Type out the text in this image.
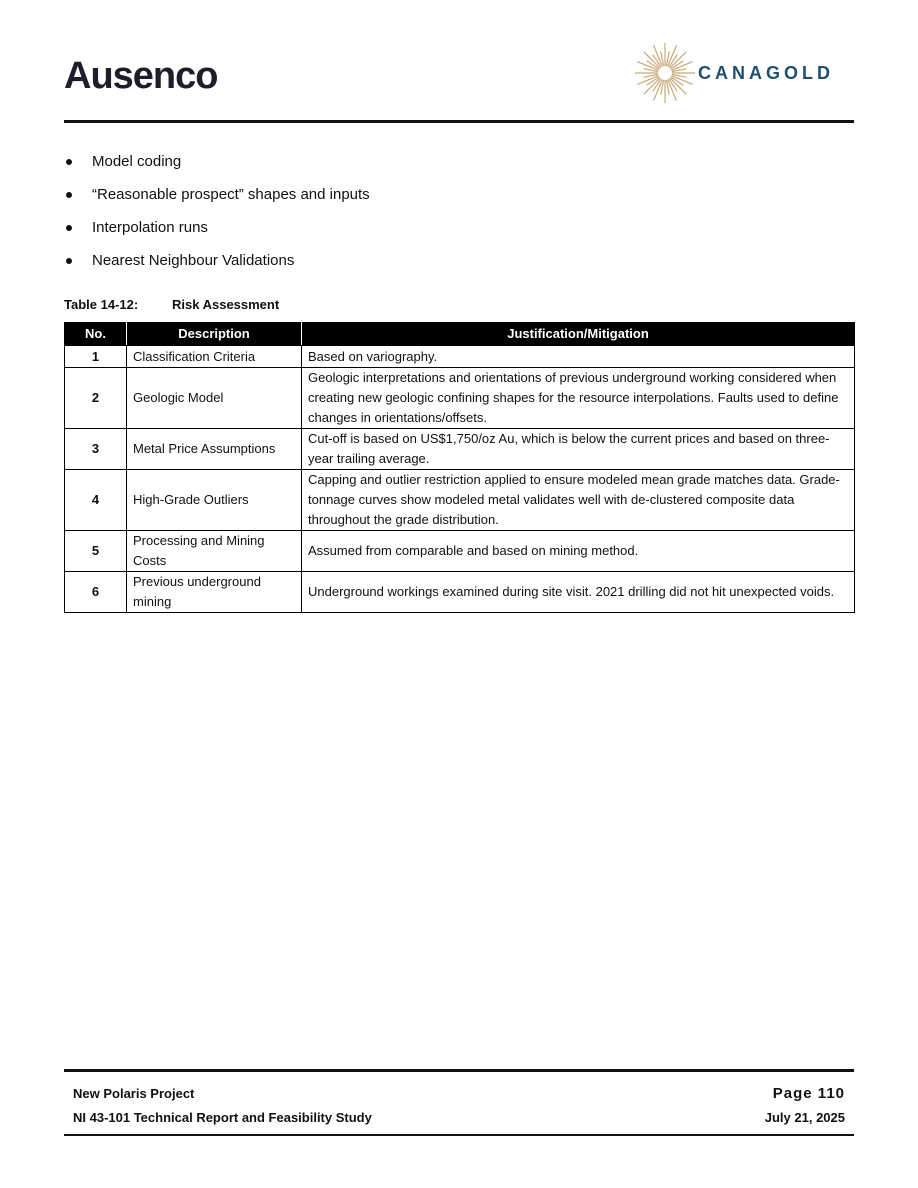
Ausenco	CANAGOLD
Model coding
“Reasonable prospect” shapes and inputs
Interpolation runs
Nearest Neighbour Validations
Table 14-12:	Risk Assessment
No.	Description	Justification/Mitigation
1	Classification Criteria	Based on variography.
2	Geologic Model	Geologic interpretations and orientations of previous underground working considered when creating new geologic confining shapes for the resource interpolations. Faults used to define changes in orientations/offsets.
3	Metal Price Assumptions	Cut-off is based on US$1,750/oz Au, which is below the current prices and based on three-year trailing average.
4	High-Grade Outliers	Capping and outlier restriction applied to ensure modeled mean grade matches data. Grade-tonnage curves show modeled metal validates well with de-clustered composite data throughout the grade distribution.
5	Processing and Mining Costs	Assumed from comparable and based on mining method.
6	Previous underground mining	Underground workings examined during site visit. 2021 drilling did not hit unexpected voids.
New Polaris Project
NI 43-101 Technical Report and Feasibility Study
Page 110
July 21, 2025
